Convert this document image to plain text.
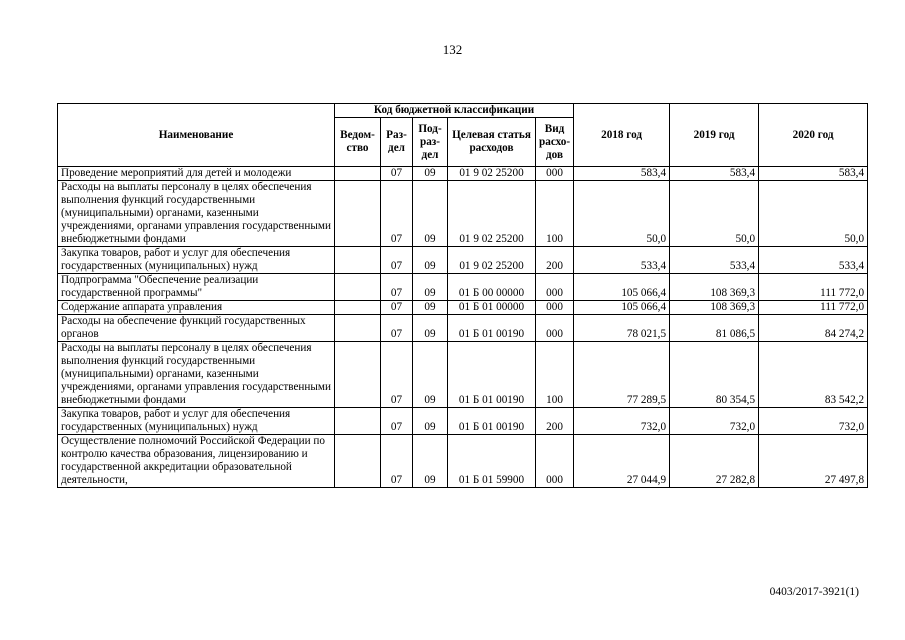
132
Наименование	Код бюджетной классификации					2018 год	2019 год	2020 год
	Ведом-ство	Раз-дел	Под-раз-дел	Целевая статья расходов	Вид расхо-дов			
Проведение мероприятий для детей и молодежи		07	09	01 9 02 25200	000	583,4	583,4	583,4
Расходы на выплаты персоналу в целях обеспечения выполнения функций государственными (муниципальными) органами, казенными учреждениями, органами управления государственными внебюджетными фондами		07	09	01 9 02 25200	100	50,0	50,0	50,0
Закупка товаров, работ и услуг для обеспечения государственных (муниципальных) нужд		07	09	01 9 02 25200	200	533,4	533,4	533,4
Подпрограмма "Обеспечение реализации государственной программы"		07	09	01 Б 00 00000	000	105 066,4	108 369,3	111 772,0
Содержание аппарата управления		07	09	01 Б 01 00000	000	105 066,4	108 369,3	111 772,0
Расходы на обеспечение функций государственных органов		07	09	01 Б 01 00190	000	78 021,5	81 086,5	84 274,2
Расходы на выплаты персоналу в целях обеспечения выполнения функций государственными (муниципальными) органами, казенными учреждениями, органами управления государственными внебюджетными фондами		07	09	01 Б 01 00190	100	77 289,5	80 354,5	83 542,2
Закупка товаров, работ и услуг для обеспечения государственных (муниципальных) нужд		07	09	01 Б 01 00190	200	732,0	732,0	732,0
Осуществление полномочий Российской Федерации по контролю качества образования, лицензированию и государственной аккредитации образовательной деятельности,		07	09	01 Б 01 59900	000	27 044,9	27 282,8	27 497,8
0403/2017-3921(1)
